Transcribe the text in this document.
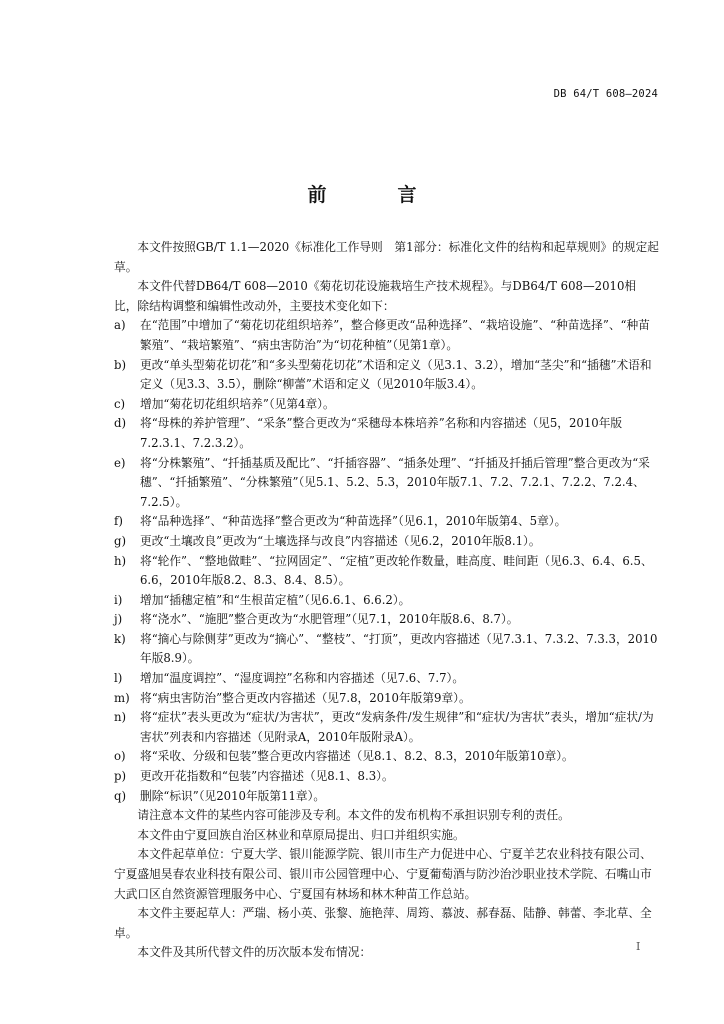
DB 64/T 608—2024
前　言

本文件按照GB/T 1.1—2020《标准化工作导则　第1部分：标准化文件的结构和起草规则》的规定起草。

本文件代替DB64/T 608—2010《菊花切花设施栽培生产技术规程》。与DB64/T 608—2010相比，除结构调整和编辑性改动外，主要技术变化如下：

a)	在“范围”中增加了“菊花切花组织培养”，整合修更改“品种选择”、“栽培设施”、“种苗选择”、“种苗繁殖”、“栽培繁殖”、“病虫害防治”为“切花种植”（见第1章）。
b)	更改“单头型菊花切花”和“多头型菊花切花”术语和定义（见3.1、3.2），增加“茎尖”和“插穗”术语和定义（见3.3、3.5），删除“柳蕾”术语和定义（见2010年版3.4）。
c)	增加“菊花切花组织培养”（见第4章）。
d)	将“母株的养护管理”、“采条”整合更改为“采穗母本株培养”名称和内容描述（见5，2010年版7.2.3.1、7.2.3.2）。
e)	将“分株繁殖”、“扦插基质及配比”、“扦插容器”、“插条处理”、“扦插及扦插后管理”整合更改为“采穗”、“扦插繁殖”、“分株繁殖”（见5.1、5.2、5.3，2010年版7.1、7.2、7.2.1、7.2.2、7.2.4、7.2.5）。
f)	将“品种选择”、“种苗选择”整合更改为“种苗选择”（见6.1，2010年版第4、5章）。
g)	更改“土壤改良”更改为“土壤选择与改良”内容描述（见6.2，2010年版8.1）。
h)	将“轮作”、“整地做畦”、“拉网固定”、“定植”更改轮作数量，畦高度、畦间距（见6.3、6.4、6.5、6.6，2010年版8.2、8.3、8.4、8.5）。
i)	增加“插穗定植”和“生根苗定植”（见6.6.1、6.6.2）。
j)	将“浇水”、“施肥”整合更改为“水肥管理”（见7.1，2010年版8.6、8.7）。
k)	将“摘心与除侧芽”更改为“摘心”、“整枝”、“打顶”，更改内容描述（见7.3.1、7.3.2、7.3.3，2010年版8.9）。
l)	增加“温度调控”、“湿度调控”名称和内容描述（见7.6、7.7）。
m) 将“病虫害防治”整合更改内容描述（见7.8，2010年版第9章）。
n)	将“症状”表头更改为“症状/为害状”，更改“发病条件/发生规律”和“症状/为害状”表头，增加“症状/为害状”列表和内容描述（见附录A，2010年版附录A）。
o)	将“采收、分级和包装”整合更改内容描述（见8.1、8.2、8.3，2010年版第10章）。
p)	更改开花指数和“包装”内容描述（见8.1、8.3）。
q)	删除“标识”（见2010年版第11章）。

请注意本文件的某些内容可能涉及专利。本文件的发布机构不承担识别专利的责任。

本文件由宁夏回族自治区林业和草原局提出、归口并组织实施。

本文件起草单位：宁夏大学、银川能源学院、银川市生产力促进中心、宁夏羊艺农业科技有限公司、宁夏盛旭昊春农业科技有限公司、银川市公园管理中心、宁夏葡萄酒与防沙治沙职业技术学院、石嘴山市大武口区自然资源管理服务中心、宁夏国有林场和林木种苗工作总站。

本文件主要起草人：严瑞、杨小英、张黎、施艳萍、周筠、慕波、郝春磊、陆静、韩蕾、李北草、全卓。

本文件及其所代替文件的历次版本发布情况：	I
